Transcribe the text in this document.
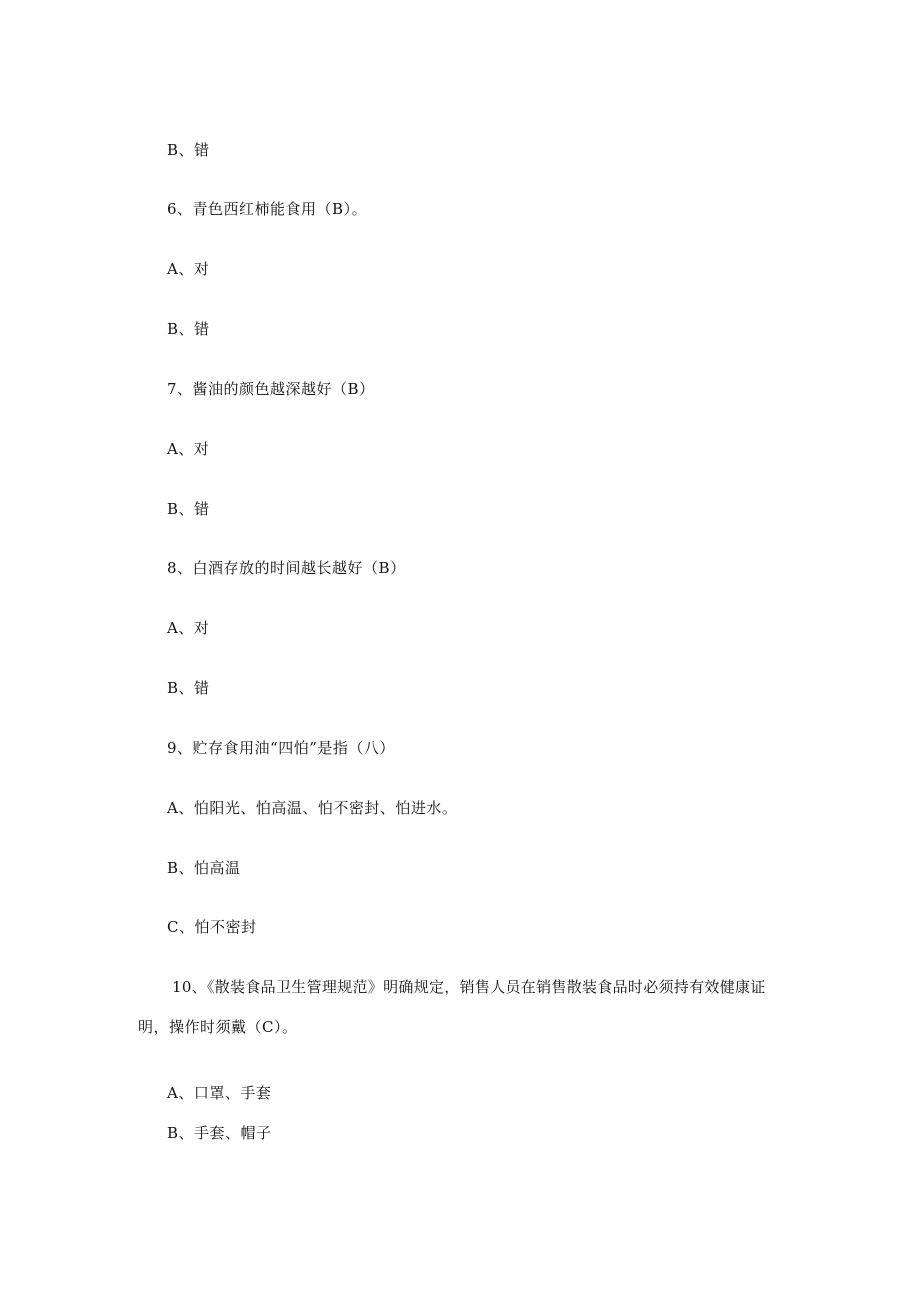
B、错
6、青色西红柿能食用（B）。
A、对
B、错
7、酱油的颜色越深越好（B）
A、对
B、错
8、白酒存放的时间越长越好（B）
A、对
B、错
9、贮存食用油“四怕”是指（八）
A、怕阳光、怕高温、怕不密封、怕进水。
B、怕高温
C、怕不密封
10、《散装食品卫生管理规范》明确规定，销售人员在销售散装食品时必须持有效健康证
明，操作时须戴（C）。
A、口罩、手套
B、手套、帽子
